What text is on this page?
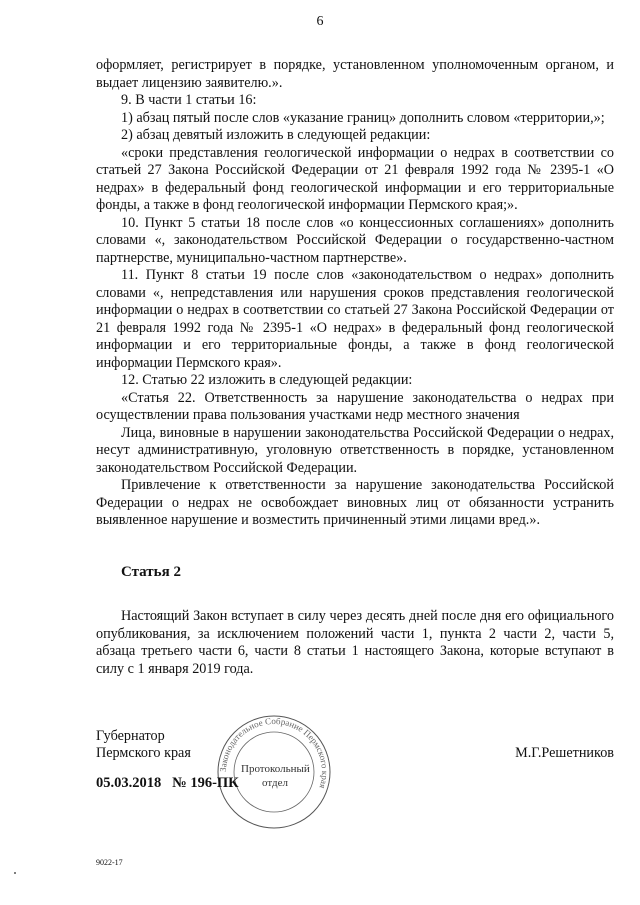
6

оформляет, регистрирует в порядке, установленном уполномоченным органом, и выдает лицензию заявителю.».

9. В части 1 статьи 16:

1) абзац пятый после слов «указание границ» дополнить словом «территории,»;

2) абзац девятый изложить в следующей редакции:

«сроки представления геологической информации о недрах в соответствии со статьей 27 Закона Российской Федерации от 21 февраля 1992 года № 2395-1 «О недрах» в федеральный фонд геологической информации и его территориальные фонды, а также в фонд геологической информации Пермского края;».

10. Пункт 5 статьи 18 после слов «о концессионных соглашениях» дополнить словами «, законодательством Российской Федерации о государственно-частном партнерстве, муниципально-частном партнерстве».

11. Пункт 8 статьи 19 после слов «законодательством о недрах» дополнить словами «, непредставления или нарушения сроков представления геологической информации о недрах в соответствии со статьей 27 Закона Российской Федерации от 21 февраля 1992 года № 2395-1 «О недрах» в федеральный фонд геологической информации и его территориальные фонды, а также в фонд геологической информации Пермского края».

12. Статью 22 изложить в следующей редакции:

«Статья 22. Ответственность за нарушение законодательства о недрах при осуществлении права пользования участками недр местного значения

Лица, виновные в нарушении законодательства Российской Федерации о недрах, несут административную, уголовную ответственность в порядке, установленном законодательством Российской Федерации.

Привлечение к ответственности за нарушение законодательства Российской Федерации о недрах не освобождает виновных лиц от обязанности устранить выявленное нарушение и возместить причиненный этими лицами вред.».

Статья 2

Настоящий Закон вступает в силу через десять дней после дня его официального опубликования, за исключением положений части 1, пункта 2 части 2, части 5, абзаца третьего части 6, части 8 статьи 1 настоящего Закона, которые вступают в силу с 1 января 2019 года.

Губернатор
Пермского края	М.Г.Решетников
Законодательное Собрание Пермского края
Протокольный
отдел
05.03.2018   № 196-ПК
9022-17
